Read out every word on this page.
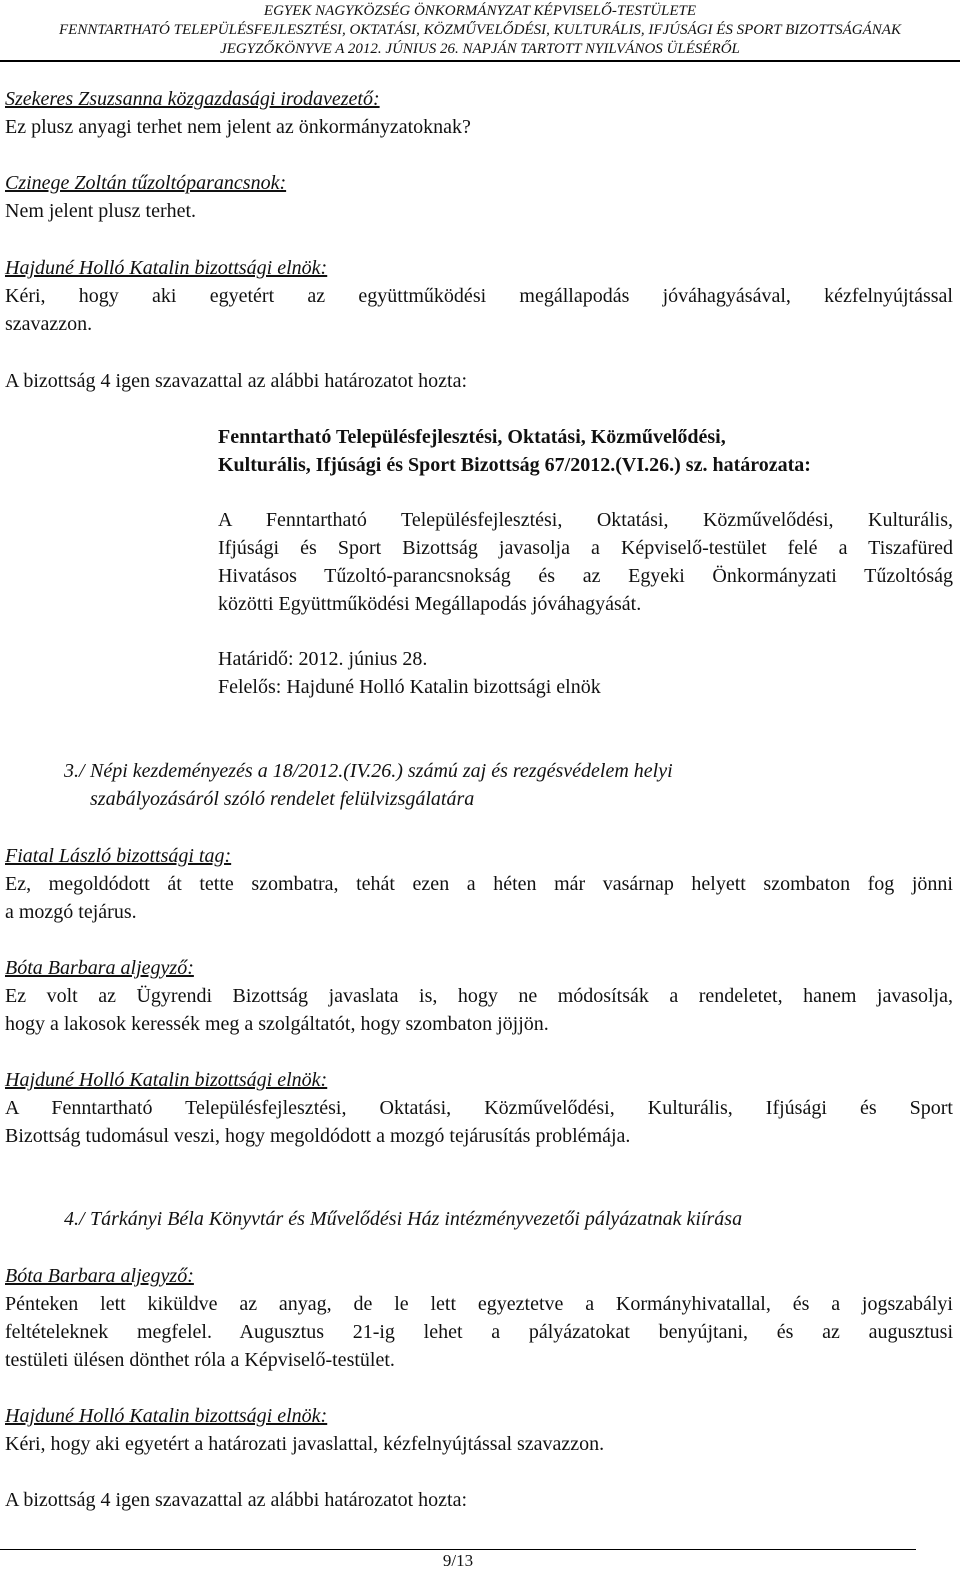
EGYEK NAGYKÖZSÉG ÖNKORMÁNYZAT KÉPVISELŐ-TESTÜLETE
FENNTARTHATÓ TELEPÜLÉSFEJLESZTÉSI, OKTATÁSI, KÖZMŰVELŐDÉSI, KULTURÁLIS, IFJÚSÁGI ÉS SPORT BIZOTTSÁGÁNAK
JEGYZŐKÖNYVE A 2012. JÚNIUS 26. NAPJÁN TARTOTT NYILVÁNOS ÜLÉSÉRŐL
Szekeres Zsuzsanna közgazdasági irodavezető:
Ez plusz anyagi terhet nem jelent az önkormányzatoknak?
Czinege Zoltán tűzoltóparancsnok:
Nem jelent plusz terhet.
Hajduné Holló Katalin bizottsági elnök:
Kéri, hogy aki egyetért az együttműködési megállapodás jóváhagyásával, kézfelnyújtással
szavazzon.
A bizottság 4 igen szavazattal az alábbi határozatot hozta:
Fenntartható Településfejlesztési, Oktatási, Közművelődési,
Kulturális, Ifjúsági és Sport Bizottság 67/2012.(VI.26.) sz. határozata:
A Fenntartható Településfejlesztési, Oktatási, Közművelődési, Kulturális,
Ifjúsági és Sport Bizottság javasolja a Képviselő-testület felé a Tiszafüred
Hivatásos Tűzoltó-parancsnokság és az Egyeki Önkormányzati Tűzoltóság
közötti Együttműködési Megállapodás jóváhagyását.
Határidő: 2012. június 28.
Felelős: Hajduné Holló Katalin bizottsági elnök
3./ Népi kezdeményezés a 18/2012.(IV.26.) számú zaj és rezgésvédelem helyi
szabályozásáról szóló rendelet felülvizsgálatára
Fiatal László bizottsági tag:
Ez, megoldódott át tette szombatra, tehát ezen a héten már vasárnap helyett szombaton fog jönni
a mozgó tejárus.
Bóta Barbara aljegyző:
Ez volt az Ügyrendi Bizottság javaslata is, hogy ne módosítsák a rendeletet, hanem javasolja,
hogy a lakosok keressék meg a szolgáltatót, hogy szombaton jöjjön.
Hajduné Holló Katalin bizottsági elnök:
A Fenntartható Településfejlesztési, Oktatási, Közművelődési, Kulturális, Ifjúsági és Sport
Bizottság tudomásul veszi, hogy megoldódott a mozgó tejárusítás problémája.
4./ Tárkányi Béla Könyvtár és Művelődési Ház intézményvezetői pályázatnak kiírása
Bóta Barbara aljegyző:
Pénteken lett kiküldve az anyag, de le lett egyeztetve a Kormányhivatallal, és a jogszabályi
feltételeknek megfelel. Augusztus 21-ig lehet a pályázatokat benyújtani, és az augusztusi
testületi ülésen dönthet róla a Képviselő-testület.
Hajduné Holló Katalin bizottsági elnök:
Kéri, hogy aki egyetért a határozati javaslattal, kézfelnyújtással szavazzon.
A bizottság 4 igen szavazattal az alábbi határozatot hozta:
9/13
